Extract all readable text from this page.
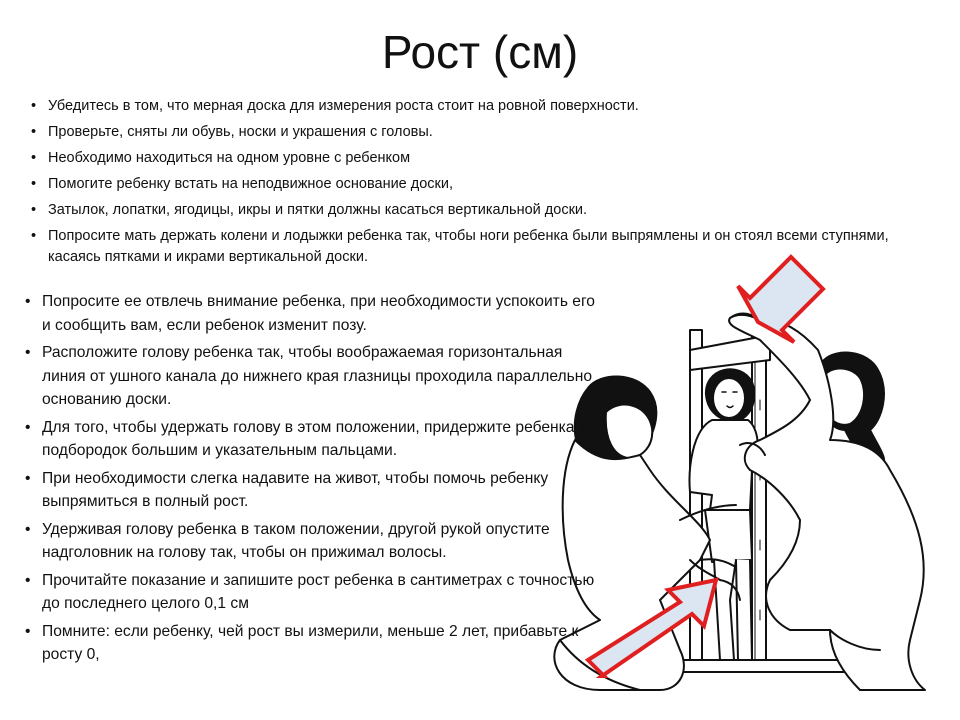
Рост (см)
• Убедитесь в том, что мерная доска для измерения роста стоит на ровной поверхности.
• Проверьте, сняты ли обувь, носки и украшения с головы.
• Необходимо находиться на одном уровне с ребенком
• Помогите ребенку встать на неподвижное основание доски,
• Затылок, лопатки, ягодицы, икры и пятки должны касаться вертикальной доски.
• Попросите мать держать колени и лодыжки ребенка так, чтобы ноги ребенка были выпрямлены и он стоял всеми ступнями, касаясь пятками и икрами вертикальной доски.
• Попросите ее отвлечь внимание ребенка, при необходимости успокоить его и сообщить вам, если ребенок изменит позу.
• Расположите голову ребенка так, чтобы воображаемая горизонтальная линия от ушного канала до нижнего края глазницы проходила параллельно основанию доски.
• Для того, чтобы удержать голову в этом положении, придержите ребенка за подбородок большим и указательным пальцами.
• При необходимости слегка надавите на живот, чтобы помочь ребенку выпрямиться в полный рост.
• Удерживая голову ребенка в таком положении, другой рукой опустите надголовник на голову так, чтобы он прижимал волосы.
• Прочитайте показание и запишите рост ребенка в сантиметрах с точностью до последнего целого 0,1 см
• Помните: если ребенку, чей рост вы измерили, меньше 2 лет, прибавьте к росту 0,
